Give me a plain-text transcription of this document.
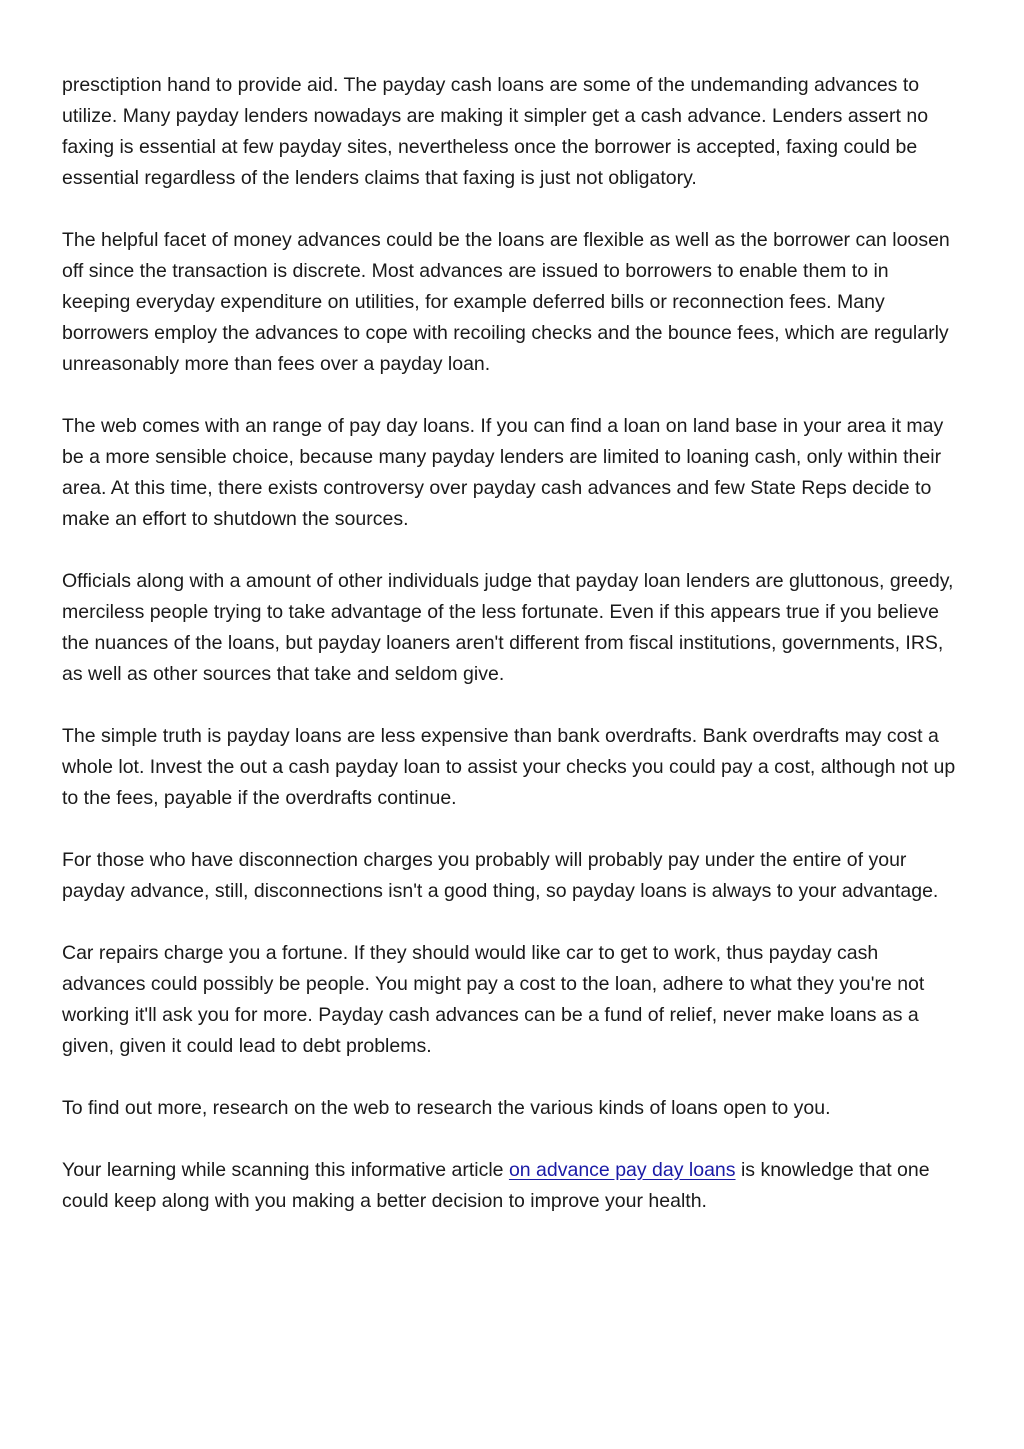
presctiption hand to provide aid. The payday cash loans are some of the undemanding advances to utilize. Many payday lenders nowadays are making it simpler get a cash advance. Lenders assert no faxing is essential at few payday sites, nevertheless once the borrower is accepted, faxing could be essential regardless of the lenders claims that faxing is just not obligatory.

The helpful facet of money advances could be the loans are flexible as well as the borrower can loosen off since the transaction is discrete. Most advances are issued to borrowers to enable them to in keeping everyday expenditure on utilities, for example deferred bills or reconnection fees. Many borrowers employ the advances to cope with recoiling checks and the bounce fees, which are regularly unreasonably more than fees over a payday loan.

The web comes with an range of pay day loans. If you can find a loan on land base in your area it may be a more sensible choice, because many payday lenders are limited to loaning cash, only within their area. At this time, there exists controversy over payday cash advances and few State Reps decide to make an effort to shutdown the sources.

Officials along with a amount of other individuals judge that payday loan lenders are gluttonous, greedy, merciless people trying to take advantage of the less fortunate. Even if this appears true if you believe the nuances of the loans, but payday loaners aren't different from fiscal institutions, governments, IRS, as well as other sources that take and seldom give.

The simple truth is payday loans are less expensive than bank overdrafts. Bank overdrafts may cost a whole lot. Invest the out a cash payday loan to assist your checks you could pay a cost, although not up to the fees, payable if the overdrafts continue.

For those who have disconnection charges you probably will probably pay under the entire of your payday advance, still, disconnections isn't a good thing, so payday loans is always to your advantage.

Car repairs charge you a fortune. If they should would like car to get to work, thus payday cash advances could possibly be people. You might pay a cost to the loan, adhere to what they you're not working it'll ask you for more. Payday cash advances can be a fund of relief, never make loans as a given, given it could lead to debt problems.

To find out more, research on the web to research the various kinds of loans open to you.

Your learning while scanning this informative article on advance pay day loans is knowledge that one could keep along with you making a better decision to improve your health.
